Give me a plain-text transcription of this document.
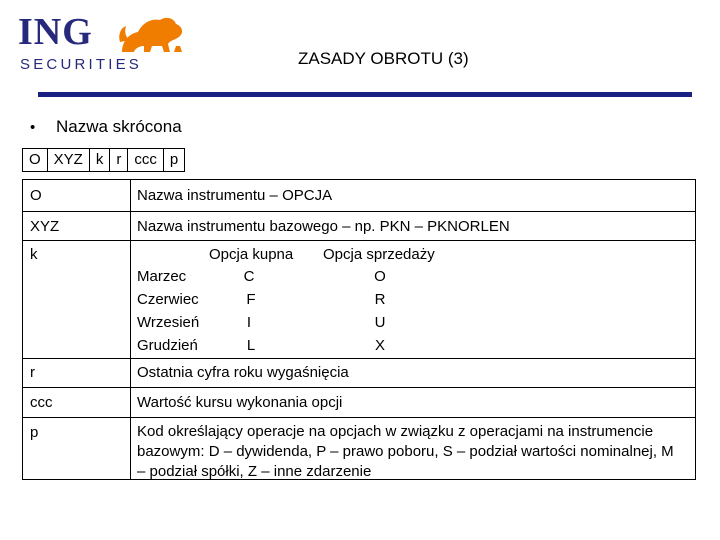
ING
SECURITIES	ZASADY OBROTU (3)
• Nazwa skrócona
O	XYZ	k	r	ccc	p
O	Nazwa instrumentu – OPCJA
XYZ	Nazwa instrumentu bazowego – np. PKN – PKNORLEN
k	Opcja kupna Opcja sprzedaży
Marzec	C	O
Czerwiec	F	R
Wrzesień	I	U
Grudzień	L	X
r	Ostatnia cyfra roku wygaśnięcia
ccc	Wartość kursu wykonania opcji
p	Kod określający operacje na opcjach w związku z operacjami na instrumencie bazowym: D – dywidenda, P – prawo poboru, S – podział wartości nominalnej, M – podział spółki, Z – inne zdarzenie
